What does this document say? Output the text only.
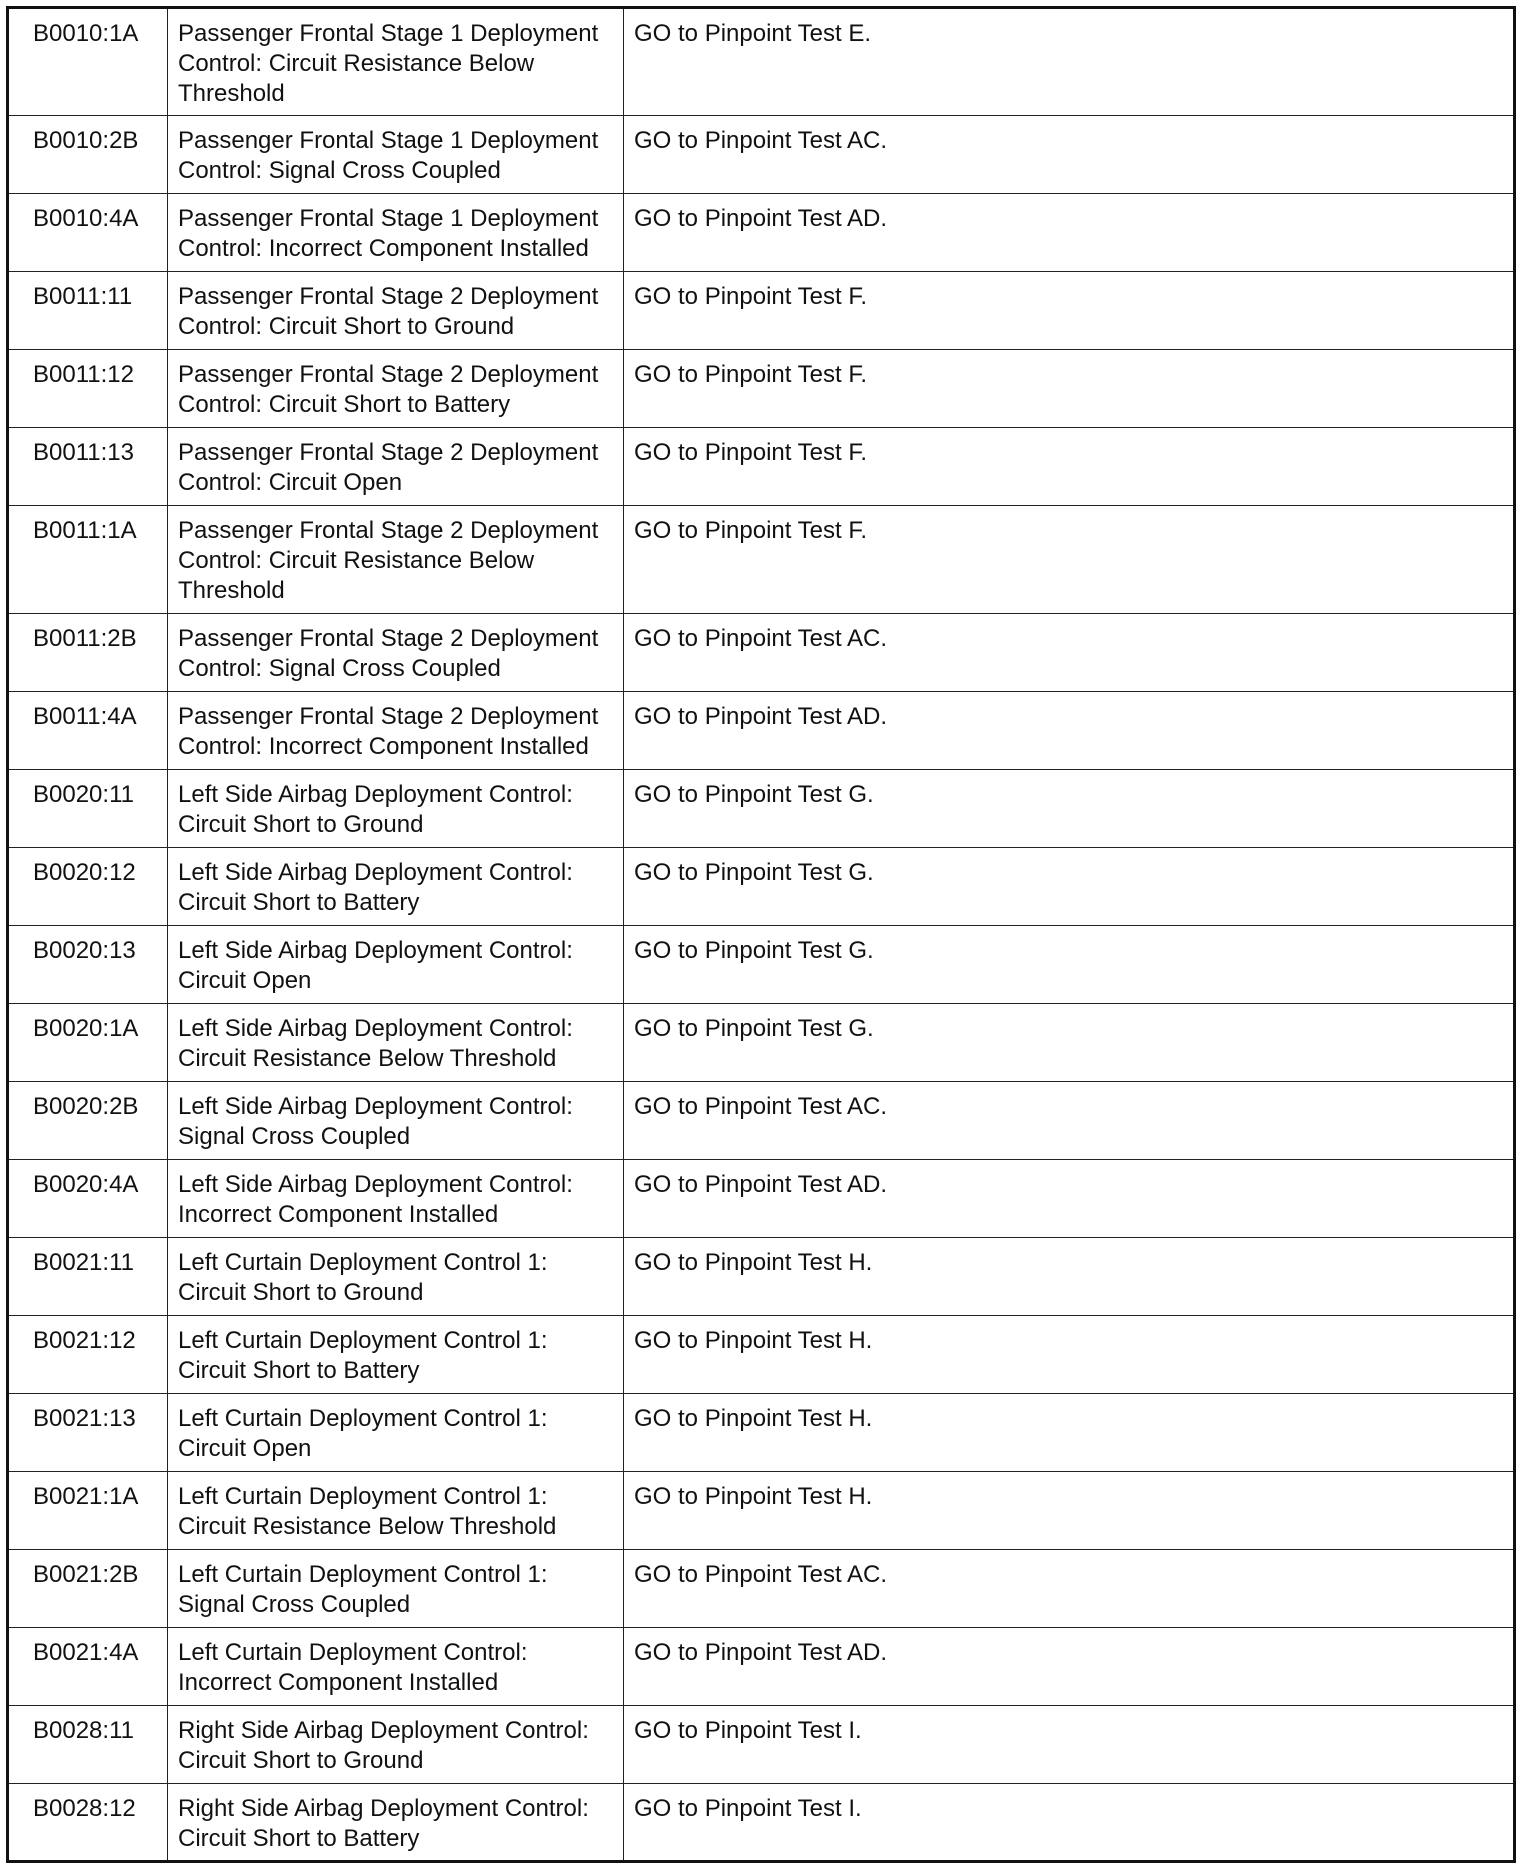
B0010:1A	Passenger Frontal Stage 1 Deployment Control: Circuit Resistance Below Threshold	GO to Pinpoint Test E.
B0010:2B	Passenger Frontal Stage 1 Deployment Control: Signal Cross Coupled	GO to Pinpoint Test AC.
B0010:4A	Passenger Frontal Stage 1 Deployment Control: Incorrect Component Installed	GO to Pinpoint Test AD.
B0011:11	Passenger Frontal Stage 2 Deployment Control: Circuit Short to Ground	GO to Pinpoint Test F.
B0011:12	Passenger Frontal Stage 2 Deployment Control: Circuit Short to Battery	GO to Pinpoint Test F.
B0011:13	Passenger Frontal Stage 2 Deployment Control: Circuit Open	GO to Pinpoint Test F.
B0011:1A	Passenger Frontal Stage 2 Deployment Control: Circuit Resistance Below Threshold	GO to Pinpoint Test F.
B0011:2B	Passenger Frontal Stage 2 Deployment Control: Signal Cross Coupled	GO to Pinpoint Test AC.
B0011:4A	Passenger Frontal Stage 2 Deployment Control: Incorrect Component Installed	GO to Pinpoint Test AD.
B0020:11	Left Side Airbag Deployment Control: Circuit Short to Ground	GO to Pinpoint Test G.
B0020:12	Left Side Airbag Deployment Control: Circuit Short to Battery	GO to Pinpoint Test G.
B0020:13	Left Side Airbag Deployment Control: Circuit Open	GO to Pinpoint Test G.
B0020:1A	Left Side Airbag Deployment Control: Circuit Resistance Below Threshold	GO to Pinpoint Test G.
B0020:2B	Left Side Airbag Deployment Control: Signal Cross Coupled	GO to Pinpoint Test AC.
B0020:4A	Left Side Airbag Deployment Control: Incorrect Component Installed	GO to Pinpoint Test AD.
B0021:11	Left Curtain Deployment Control 1: Circuit Short to Ground	GO to Pinpoint Test H.
B0021:12	Left Curtain Deployment Control 1: Circuit Short to Battery	GO to Pinpoint Test H.
B0021:13	Left Curtain Deployment Control 1: Circuit Open	GO to Pinpoint Test H.
B0021:1A	Left Curtain Deployment Control 1: Circuit Resistance Below Threshold	GO to Pinpoint Test H.
B0021:2B	Left Curtain Deployment Control 1: Signal Cross Coupled	GO to Pinpoint Test AC.
B0021:4A	Left Curtain Deployment Control: Incorrect Component Installed	GO to Pinpoint Test AD.
B0028:11	Right Side Airbag Deployment Control: Circuit Short to Ground	GO to Pinpoint Test I.
B0028:12	Right Side Airbag Deployment Control: Circuit Short to Battery	GO to Pinpoint Test I.
